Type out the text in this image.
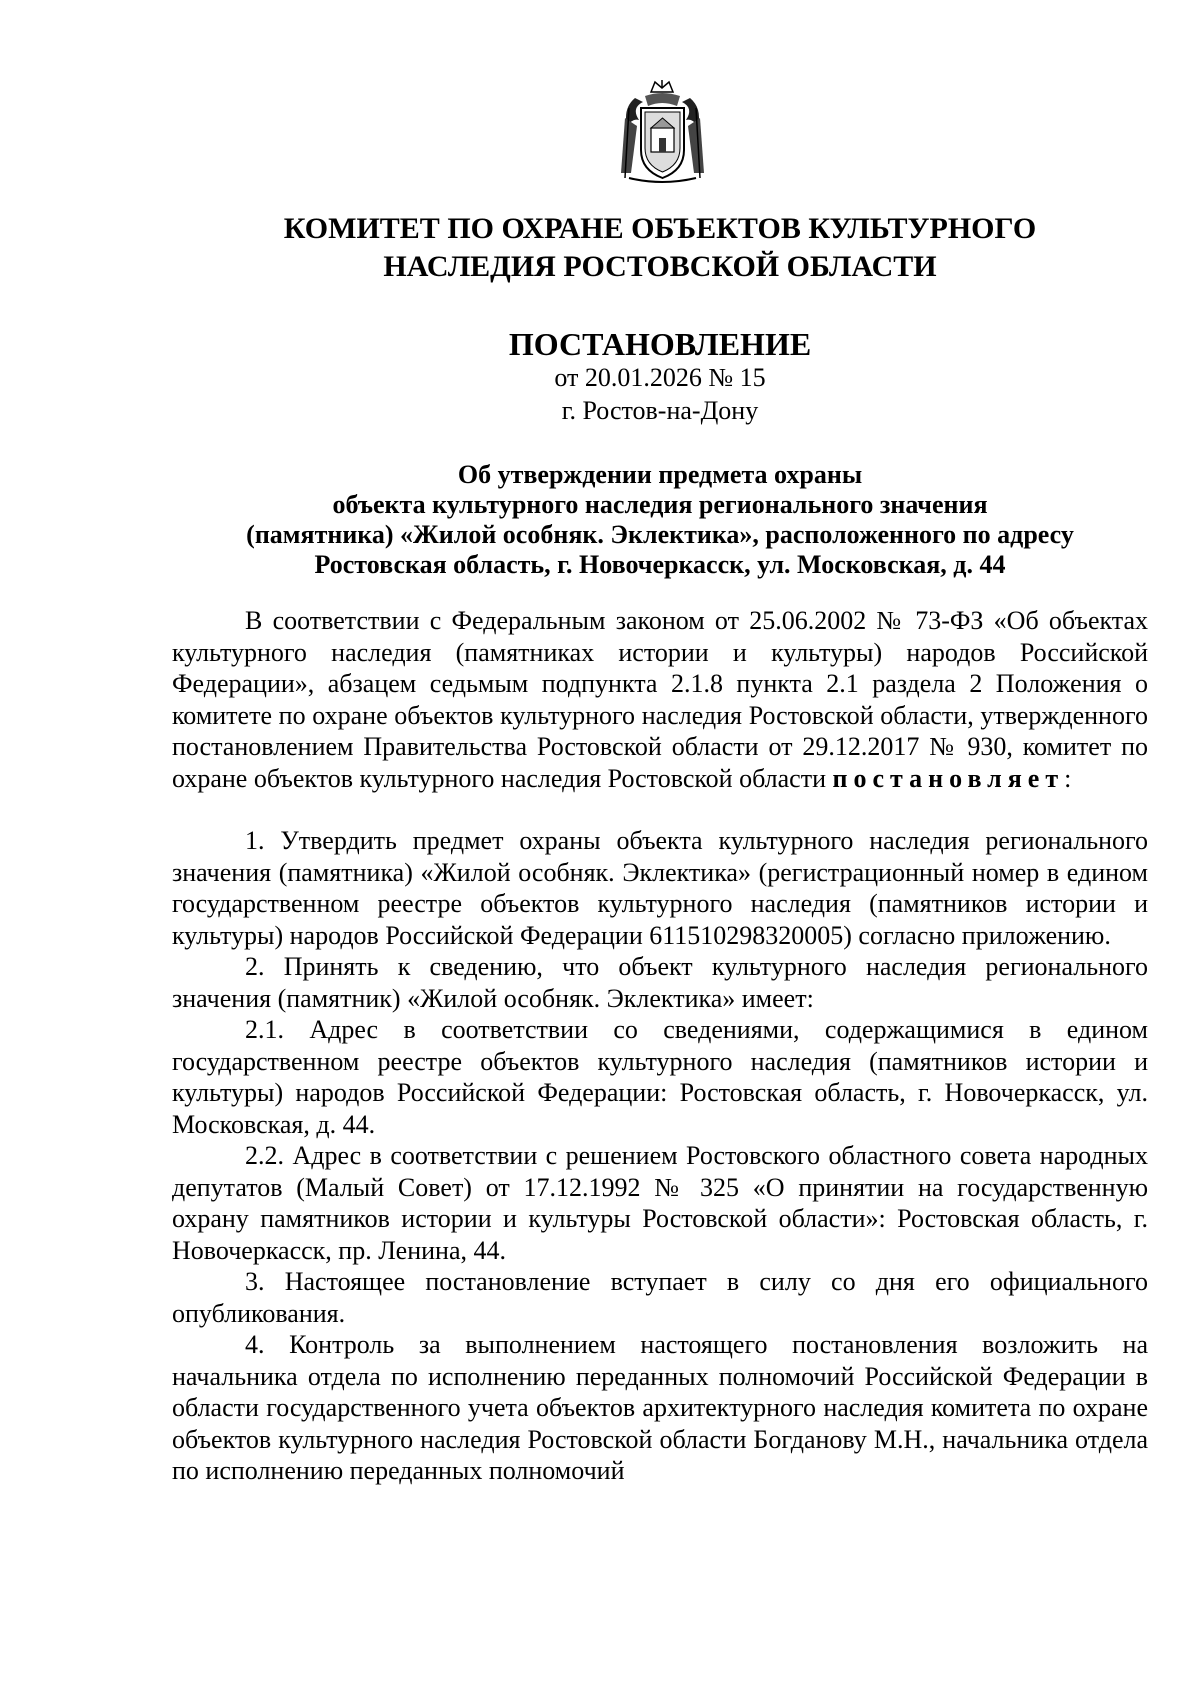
КОМИТЕТ ПО ОХРАНЕ ОБЪЕКТОВ КУЛЬТУРНОГО
НАСЛЕДИЯ РОСТОВСКОЙ ОБЛАСТИ
ПОСТАНОВЛЕНИЕ
от 20.01.2026 № 15
г. Ростов-на-Дону
Об утверждении предмета охраны
объекта культурного наследия регионального значения
(памятника) «Жилой особняк. Эклектика», расположенного по адресу
Ростовская область, г. Новочеркасск, ул. Московская, д. 44

В соответствии с Федеральным законом от 25.06.2002 № 73-ФЗ «Об объектах культурного наследия (памятниках истории и культуры) народов Российской Федерации», абзацем седьмым подпункта 2.1.8 пункта 2.1 раздела 2 Положения о комитете по охране объектов культурного наследия Ростовской области, утвержденного постановлением Правительства Ростовской области от 29.12.2017 № 930, комитет по охране объектов культурного наследия Ростовской области постановляет:

1. Утвердить предмет охраны объекта культурного наследия регионального значения (памятника) «Жилой особняк. Эклектика» (регистрационный номер в едином государственном реестре объектов культурного наследия (памятников истории и культуры) народов Российской Федерации 611510298320005) согласно приложению.

2. Принять к сведению, что объект культурного наследия регионального значения (памятник) «Жилой особняк. Эклектика» имеет:

2.1. Адрес в соответствии со сведениями, содержащимися в едином государственном реестре объектов культурного наследия (памятников истории и культуры) народов Российской Федерации: Ростовская область, г. Новочеркасск, ул. Московская, д. 44.

2.2. Адрес в соответствии с решением Ростовского областного совета народных депутатов (Малый Совет) от 17.12.1992 № 325 «О принятии на государственную охрану памятников истории и культуры Ростовской области»: Ростовская область, г. Новочеркасск, пр. Ленина, 44.

3. Настоящее постановление вступает в силу со дня его официального опубликования.

4. Контроль за выполнением настоящего постановления возложить на начальника отдела по исполнению переданных полномочий Российской Федерации в области государственного учета объектов архитектурного наследия комитета по охране объектов культурного наследия Ростовской области Богданову М.Н., начальника отдела по исполнению переданных полномочий
